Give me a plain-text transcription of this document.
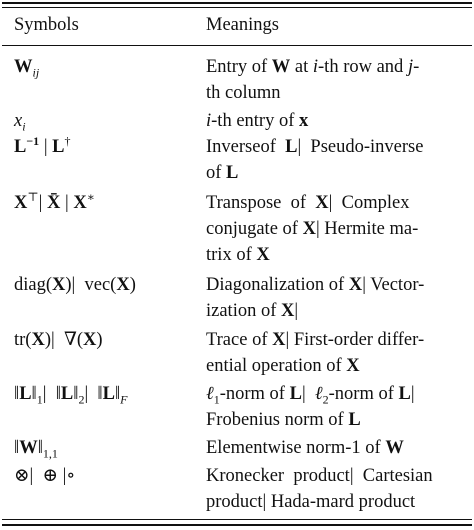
Symbols	Meanings
$W_{ij}$	Entry of W at i-th row and j-
th column
$x_i$	i-th entry of x
$L^{-1}$ | L†	Inverseof  L|  Pseudo-inverse
of L
X⊤| X̄ | X∗	Transpose  of  X|  Complex
conjugate of X| Hermite ma-
trix of X
diag(X)|  vec(X)	Diagonalization of X| Vector-
ization of X|
tr(X)|  ∇(X)	Trace of X| First-order differ-
ential operation of X
$‖L‖_1|$  $‖L‖_2|$  $‖L‖_F$	ℓ$_1$-norm of L|  ℓ$_2$-norm of L|
Frobenius norm of L
$‖W‖_{1,1}$	Elementwise norm-1 of W
⊗|  ⊕ |∘	Kronecker  product|  Cartesian
product| Hada-mard product
